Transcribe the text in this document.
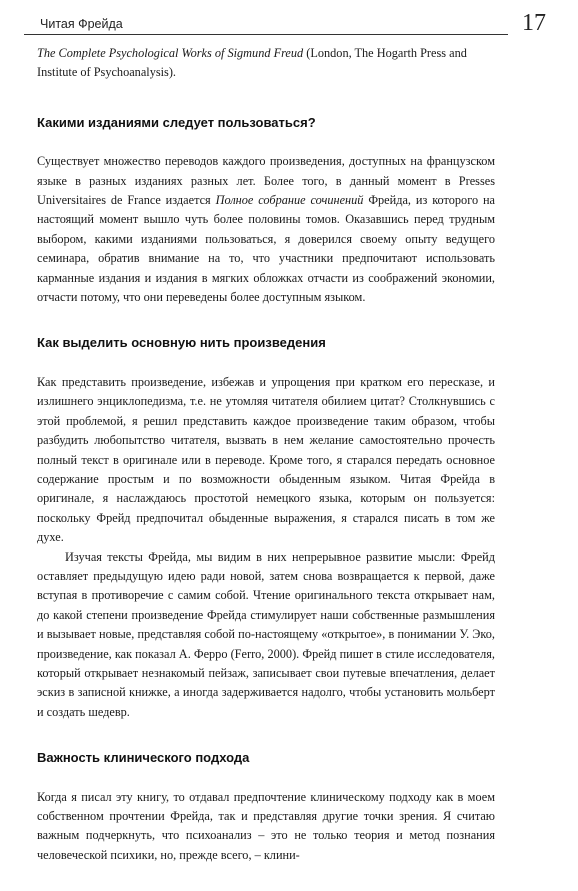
Читая Фрейда	17

The Complete Psychological Works of Sigmund Freud (London, The Hogarth Press and Institute of Psychoanalysis).

Какими изданиями следует пользоваться?

Существует множество переводов каждого произведения, доступных на французском языке в разных изданиях разных лет. Более того, в данный момент в Presses Universitaires de France издается Полное собрание сочинений Фрейда, из которого на настоящий момент вышло чуть более половины томов. Оказавшись перед трудным выбором, какими изданиями пользоваться, я доверился своему опыту ведущего семинара, обратив внимание на то, что участники предпочитают использовать карманные издания и издания в мягких обложках отчасти из соображений экономии, отчасти потому, что они переведены более доступным языком.

Как выделить основную нить произведения

Как представить произведение, избежав и упрощения при кратком его пересказе, и излишнего энциклопедизма, т.е. не утомляя читателя обилием цитат? Столкнувшись с этой проблемой, я решил представить каждое произведение таким образом, чтобы разбудить любопытство читателя, вызвать в нем желание самостоятельно прочесть полный текст в оригинале или в переводе. Кроме того, я старался передать основное содержание простым и по возможности обыденным языком. Читая Фрейда в оригинале, я наслаждаюсь простотой немецкого языка, которым он пользуется: поскольку Фрейд предпочитал обыденные выражения, я старался писать в том же духе.

Изучая тексты Фрейда, мы видим в них непрерывное развитие мысли: Фрейд оставляет предыдущую идею ради новой, затем снова возвращается к первой, даже вступая в противоречие с самим собой. Чтение оригинального текста открывает нам, до какой степени произведение Фрейда стимулирует наши собственные размышления и вызывает новые, представляя собой по-настоящему «открытое», в понимании У. Эко, произведение, как показал А. Ферро (Ferro, 2000). Фрейд пишет в стиле исследователя, который открывает незнакомый пейзаж, записывает свои путевые впечатления, делает эскиз в записной книжке, а иногда задерживается надолго, чтобы установить мольберт и создать шедевр.

Важность клинического подхода

Когда я писал эту книгу, то отдавал предпочтение клиническому подходу как в моем собственном прочтении Фрейда, так и представляя другие точки зрения. Я считаю важным подчеркнуть, что психоанализ – это не только теория и метод познания человеческой психики, но, прежде всего, – клини-
